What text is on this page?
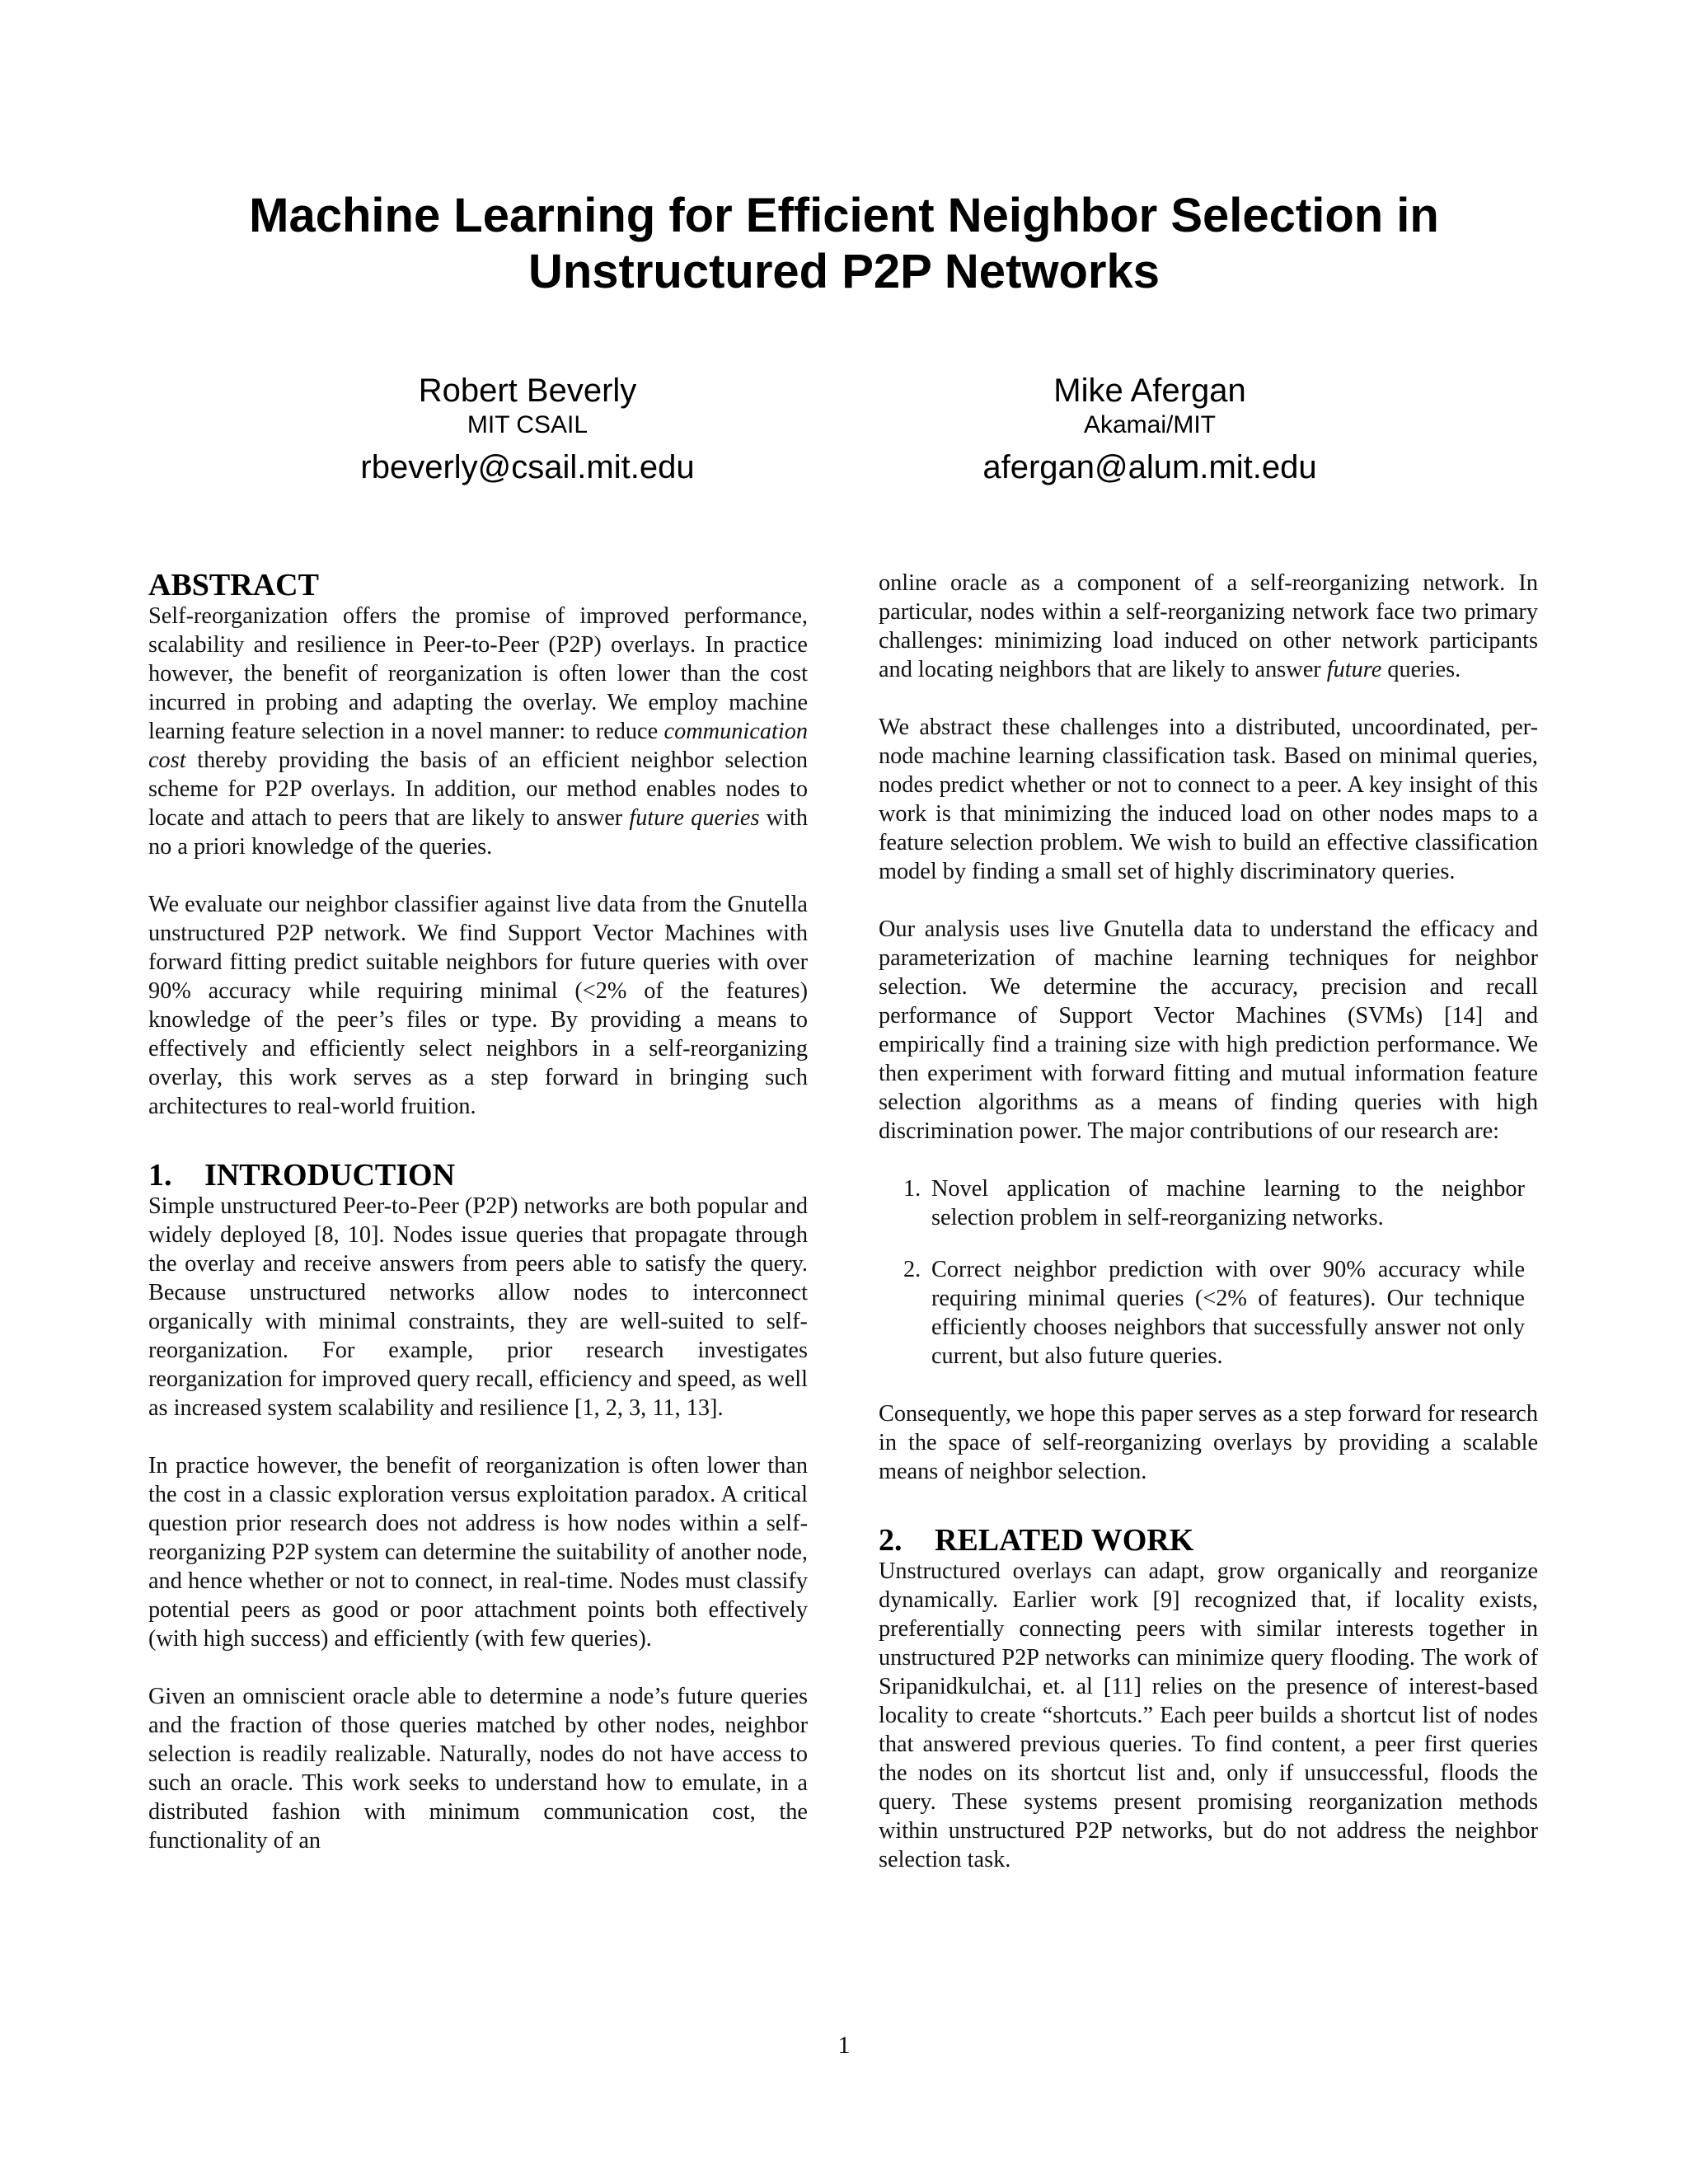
Machine Learning for Efficient Neighbor Selection in
Unstructured P2P Networks
Robert Beverly
MIT CSAIL
rbeverly@csail.mit.edu
Mike Afergan
Akamai/MIT
afergan@alum.mit.edu
ABSTRACT

Self-reorganization offers the promise of improved performance, scalability and resilience in Peer-to-Peer (P2P) overlays. In practice however, the benefit of reorganization is often lower than the cost incurred in probing and adapting the overlay. We employ machine learning feature selection in a novel manner: to reduce communication cost thereby providing the basis of an efficient neighbor selection scheme for P2P overlays. In addition, our method enables nodes to locate and attach to peers that are likely to answer future queries with no a priori knowledge of the queries.

We evaluate our neighbor classifier against live data from the Gnutella unstructured P2P network. We find Support Vector Machines with forward fitting predict suitable neighbors for future queries with over 90% accuracy while requiring minimal (<2% of the features) knowledge of the peer’s files or type. By providing a means to effectively and efficiently select neighbors in a self-reorganizing overlay, this work serves as a step forward in bringing such architectures to real-world fruition.

1. INTRODUCTION

Simple unstructured Peer-to-Peer (P2P) networks are both popular and widely deployed [8, 10]. Nodes issue queries that propagate through the overlay and receive answers from peers able to satisfy the query. Because unstructured networks allow nodes to interconnect organically with minimal constraints, they are well-suited to self-reorganization. For example, prior research investigates reorganization for improved query recall, efficiency and speed, as well as increased system scalability and resilience [1, 2, 3, 11, 13].

In practice however, the benefit of reorganization is often lower than the cost in a classic exploration versus exploitation paradox. A critical question prior research does not address is how nodes within a self-reorganizing P2P system can determine the suitability of another node, and hence whether or not to connect, in real-time. Nodes must classify potential peers as good or poor attachment points both effectively (with high success) and efficiently (with few queries).

Given an omniscient oracle able to determine a node’s future queries and the fraction of those queries matched by other nodes, neighbor selection is readily realizable. Naturally, nodes do not have access to such an oracle. This work seeks to understand how to emulate, in a distributed fashion with minimum communication cost, the functionality of an

online oracle as a component of a self-reorganizing network. In particular, nodes within a self-reorganizing network face two primary challenges: minimizing load induced on other network participants and locating neighbors that are likely to answer future queries.

We abstract these challenges into a distributed, uncoordinated, per-node machine learning classification task. Based on minimal queries, nodes predict whether or not to connect to a peer. A key insight of this work is that minimizing the induced load on other nodes maps to a feature selection problem. We wish to build an effective classification model by finding a small set of highly discriminatory queries.

Our analysis uses live Gnutella data to understand the efficacy and parameterization of machine learning techniques for neighbor selection. We determine the accuracy, precision and recall performance of Support Vector Machines (SVMs) [14] and empirically find a training size with high prediction performance. We then experiment with forward fitting and mutual information feature selection algorithms as a means of finding queries with high discrimination power. The major contributions of our research are:

1. Novel application of machine learning to the neighbor selection problem in self-reorganizing networks.
2. Correct neighbor prediction with over 90% accuracy while requiring minimal queries (<2% of features). Our technique efficiently chooses neighbors that successfully answer not only current, but also future queries.

Consequently, we hope this paper serves as a step forward for research in the space of self-reorganizing overlays by providing a scalable means of neighbor selection.

2. RELATED WORK

Unstructured overlays can adapt, grow organically and reorganize dynamically. Earlier work [9] recognized that, if locality exists, preferentially connecting peers with similar interests together in unstructured P2P networks can minimize query flooding. The work of Sripanidkulchai, et. al [11] relies on the presence of interest-based locality to create “shortcuts.” Each peer builds a shortcut list of nodes that answered previous queries. To find content, a peer first queries the nodes on its shortcut list and, only if unsuccessful, floods the query. These systems present promising reorganization methods within unstructured P2P networks, but do not address the neighbor selection task.

1
